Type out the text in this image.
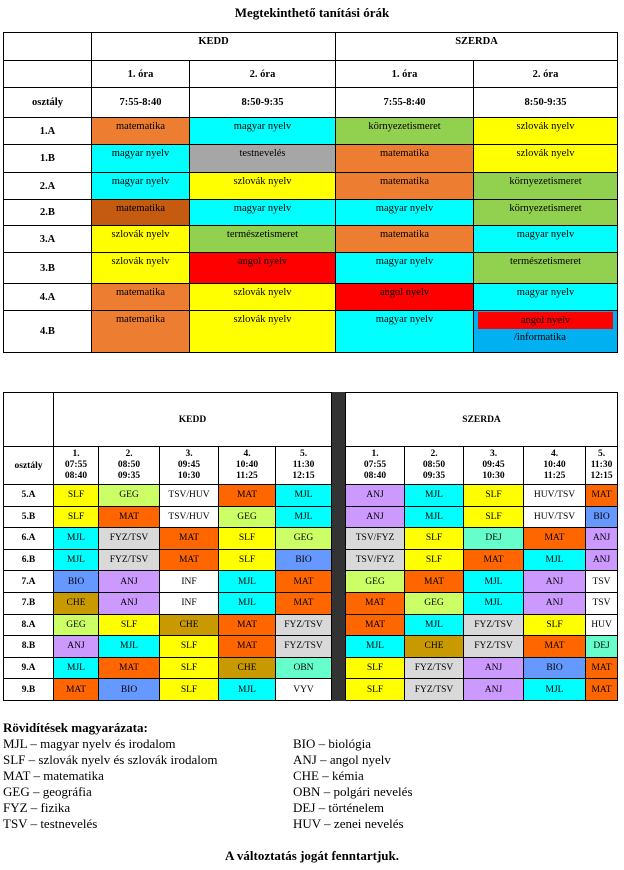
Megtekinthető tanítási órák
	KEDD		SZERDA	
	1. óra	2. óra	1. óra	2. óra
osztály	7:55-8:40	8:50-9:35	7:55-8:40	8:50-9:35
1.A	matematika	magyar nyelv	környezetismeret	szlovák nyelv
1.B	magyar nyelv	testnevelés	matematika	szlovák nyelv
2.A	magyar nyelv	szlovák nyelv	matematika	környezetismeret
2.B	matematika	magyar nyelv	magyar nyelv	környezetismeret
3.A	szlovák nyelv	természetismeret	matematika	magyar nyelv
3.B	szlovák nyelv	angol nyelv	magyar nyelv	természetismeret
4.A	matematika	szlovák nyelv	angol nyelv	magyar nyelv
4.B	matematika	szlovák nyelv	magyar nyelv	angol nyelv
/informatika
	KEDD						SZERDA				
osztály	1.
07:55
08:40	2.
08:50
09:35	3.
09:45
10:30	4.
10:40
11:25	5.
11:30
12:15		1.
07:55
08:40	2.
08:50
09:35	3.
09:45
10:30	4.
10:40
11:25	5.
11:30
12:15

5.A	SLF	GEG	TSV/HUV	MAT	MJL		ANJ	MJL	SLF	HUV/TSV	MAT
5.B	SLF	MAT	TSV/HUV	GEG	MJL		ANJ	MJL	SLF	HUV/TSV	BIO
6.A	MJL	FYZ/TSV	MAT	SLF	GEG		TSV/FYZ	SLF	DEJ	MAT	ANJ
6.B	MJL	FYZ/TSV	MAT	SLF	BIO		TSV/FYZ	SLF	MAT	MJL	ANJ
7.A	BIO	ANJ	INF	MJL	MAT		GEG	MAT	MJL	ANJ	TSV
7.B	CHE	ANJ	INF	MJL	MAT		MAT	GEG	MJL	ANJ	TSV
8.A	GEG	SLF	CHE	MAT	FYZ/TSV		MAT	MJL	FYZ/TSV	SLF	HUV
8.B	ANJ	MJL	SLF	MAT	FYZ/TSV		MJL	CHE	FYZ/TSV	MAT	DEJ
9.A	MJL	MAT	SLF	CHE	OBN		SLF	FYZ/TSV	ANJ	BIO	MAT
9.B	MAT	BIO	SLF	MJL	VYV		SLF	FYZ/TSV	ANJ	MJL	MAT
Rövidítések magyarázata:
MJL – magyar nyelv és irodalom
SLF – szlovák nyelv és szlovák irodalom
MAT – matematika
GEG – geográfia
FYZ – fizika
TSV – testnevelés
BIO – biológia
ANJ – angol nyelv
CHE – kémia
OBN – polgári nevelés
DEJ – történelem
HUV – zenei nevelés
A változtatás jogát fenntartjuk.
